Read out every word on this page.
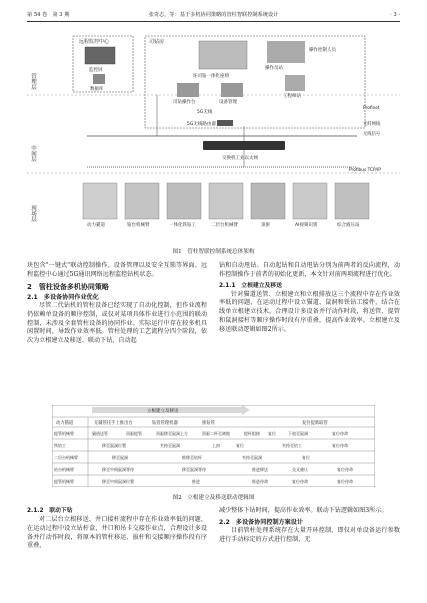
第 54 卷　第 3 期	张奇志，等：基于多机协同策略的管柱智联控制系统设计	· 3 ·
管理层
中间层
现场层
远程监控中心
监控屏
数据库
司钻房
环司钻一体化座椅
司钻操作台	设备管理
5G无线
操作员站
操作控制人员
工程师站
5G无线路由器
交换机工业以太网
Profinet
光纤网线
无线信号
Profibus TCP/IP
动力猫道	钻台机械臂	一体化铁钻工	二层台机械臂	顶驱	AI视频识别	综合液压站
图1　管柱智联控制系统总体架构

块包含"一键式"联动控制操作、设备管理以及安全互锁等界面。远程监控中心通过5G通讯网络远程监控钻机状态。

2　管柱设备多机协同策略
2.1　多设备协同作业优化

尽管二代钻机的管柱设备已经实现了自动化控制，但作业流程仍依赖单设备的顺序控制，或仅对某项具体作业进行小范围的联动控制，未涉及全套管柱设备的协同作业。实际运行中存在较多机具闲置时间，导致作业效率低。管柱处理的工艺流程分四个阶段，依次为立根建立及移送、联动下钻、自动起

钻和自动甩钻。自动起钻和自动甩钻分别为前两者的反向流程，动作控制操作于前者的初始化更新，本文针对前两项流程进行优化。

2.1.1　立根建立及移送

针对猫道送管、立根建立和立根排放这三个流程中存在作业效率低的问题，在运动过程中设立猫道、鼠洞和铁钻工接件，结合在线单立根建立技术，合理设计多设备并行动作时段，将送管、提管和鼠洞接杆等顺序操作时段有序重叠，提高作业效率。立根建立及移送联动逻辑如图2所示。

立根建立及移送
动力猫道	无辅管托手上推出台	钻管管理机器	推钻管	复位提新取管
提管机械臂	猫道送管	顶驱提管	顶驱移至鼠洞上方	顶驱二杯至离地	提杆组接 复位	下放至鼠洞	复位待命
铁钻工	移至鼠洞位置	夹持至鼠洞	上扣	复位	夹持至钻工	复位待命
二层台机械臂	移至鼠洞	推移至钻杆	夹持至鼠洞	复位
钻台机械臂	移至中间鼠洞等待	移至鼠洞等待	推进移送	交叉避让	复位待命
提管机械臂	移至中间鼠洞位置	推进	推进待命	复位待命	复位待命
图2　立根建立及移送联动逻辑图
2.1.2　联动下钻

对二层台立根移送、井口接杆流程中存在作业效率低的问题，在运动过程中设立钻杆盒、井口和吊卡交接作业点，合理设计多设备并行动作时段，将原本的管柱移运、拔杆和交接顺序操作段有序重叠，

减少整体下钻时间，提高作业效率。联动下钻逻辑如图3所示。

2.2　多设备协同控制方案设计

目前管柱处理系统存在大量开环控制，即仅对单设备运行参数进行手动标定的方式进行控制，无
